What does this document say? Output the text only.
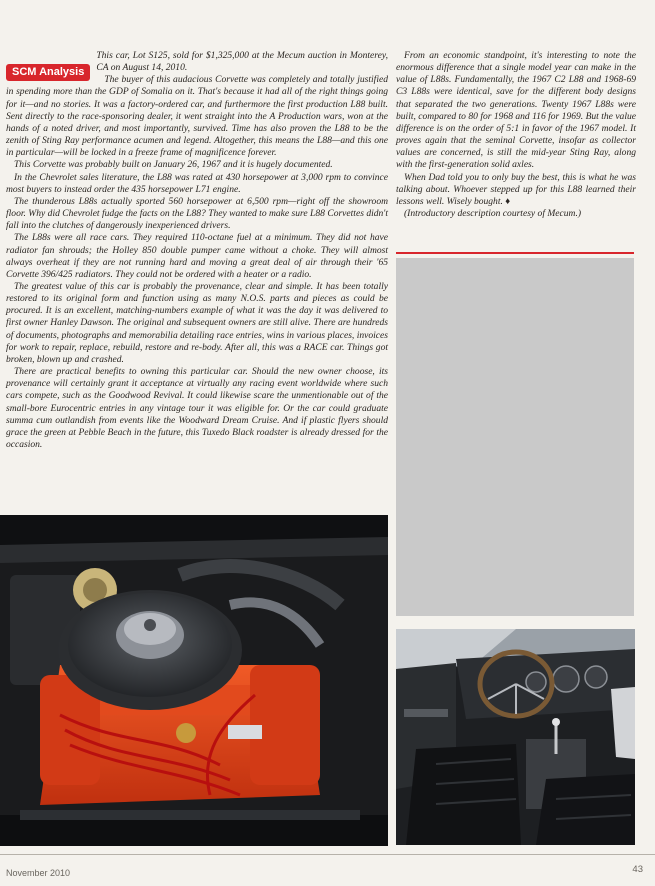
SCM Analysis

This car, Lot S125, sold for $1,325,000 at the Mecum auction in Monterey, CA on August 14, 2010.

The buyer of this audacious Corvette was completely and totally justified in spending more than the GDP of Somalia on it. That's because it had all of the right things going for it—and no stories. It was a factory-ordered car, and furthermore the first production L88 built. Sent directly to the race-sponsoring dealer, it went straight into the A Production wars, won at the hands of a noted driver, and most importantly, survived. Time has also proven the L88 to be the zenith of Sting Ray performance acumen and legend. Altogether, this means the L88—and this one in particular—will be locked in a freeze frame of magnificence forever.

This Corvette was probably built on January 26, 1967 and it is hugely documented.

In the Chevrolet sales literature, the L88 was rated at 430 horsepower at 3,000 rpm to convince most buyers to instead order the 435 horsepower L71 engine.

The thunderous L88s actually sported 560 horsepower at 6,500 rpm—right off the showroom floor. Why did Chevrolet fudge the facts on the L88? They wanted to make sure L88 Corvettes didn't fall into the clutches of dangerously inexperienced drivers.

The L88s were all race cars. They required 110-octane fuel at a minimum. They did not have radiator fan shrouds; the Holley 850 double pumper came without a choke. They will almost always overheat if they are not running hard and moving a great deal of air through their '65 Corvette 396/425 radiators. They could not be ordered with a heater or a radio.

The greatest value of this car is probably the provenance, clear and simple. It has been totally restored to its original form and function using as many N.O.S. parts and pieces as could be procured. It is an excellent, matching-numbers example of what it was the day it was delivered to first owner Hanley Dawson. The original and subsequent owners are still alive. There are hundreds of documents, photographs and memorabilia detailing race entries, wins in various places, invoices for work to repair, replace, rebuild, restore and re-body. After all, this was a RACE car. Things got broken, blown up and crashed.

There are practical benefits to owning this particular car. Should the new owner choose, its provenance will certainly grant it acceptance at virtually any racing event worldwide where such cars compete, such as the Goodwood Revival. It could likewise scare the unmentionable out of the small-bore Eurocentric entries in any vintage tour it was eligible for. Or the car could graduate summa cum outlandish from events like the Woodward Dream Cruise. And if plastic flyers should grace the green at Pebble Beach in the future, this Tuxedo Black roadster is already dressed for the occasion.

From an economic standpoint, it's interesting to note the enormous difference that a single model year can make in the value of L88s. Fundamentally, the 1967 C2 L88 and 1968-69 C3 L88s were identical, save for the different body designs that separated the two generations. Twenty 1967 L88s were built, compared to 80 for 1968 and 116 for 1969. But the value difference is on the order of 5:1 in favor of the 1967 model. It proves again that the seminal Corvette, insofar as collector values are concerned, is still the mid-year Sting Ray, along with the first-generation solid axles.

When Dad told you to only buy the best, this is what he was talking about. Whoever stepped up for this L88 learned their lessons well. Wisely bought. ♦

(Introductory description courtesy of Mecum.)

November 2010	43
